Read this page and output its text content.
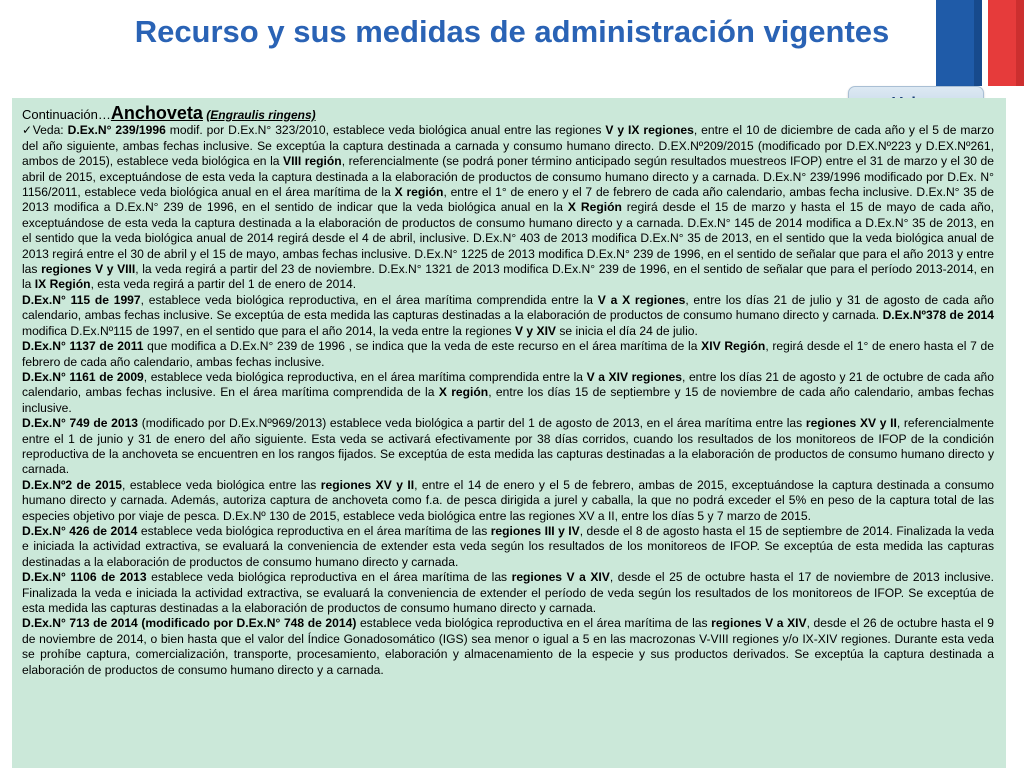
Recurso y sus medidas de administración vigentes

Continuación…Anchoveta (Engraulis ringens)

✓Veda: D.Ex.N° 239/1996 modif. por D.Ex.N° 323/2010, establece veda biológica anual entre las regiones V y IX regiones, entre el 10 de diciembre de cada año y el 5 de marzo del año siguiente, ambas fechas inclusive. Se exceptúa la captura destinada a carnada y consumo humano directo. D.EX.Nº209/2015 (modificado por D.EX.Nº223 y D.EX.Nº261, ambos de 2015), establece veda biológica en la VIII región, referencialmente (se podrá poner término anticipado según resultados muestreos IFOP) entre el 31 de marzo y el 30 de abril de 2015, exceptuándose de esta veda la captura destinada a la elaboración de productos de consumo humano directo y a carnada. D.Ex.N° 239/1996 modificado por D.Ex. N° 1156/2011, establece veda biológica anual en el área marítima de la X región, entre el 1° de enero y el 7 de febrero de cada año calendario, ambas fecha inclusive. D.Ex.N° 35 de 2013 modifica a D.Ex.N° 239 de 1996, en el sentido de indicar que la veda biológica anual en la X Región regirá desde el 15 de marzo y hasta el 15 de mayo de cada año, exceptuándose de esta veda la captura destinada a la elaboración de productos de consumo humano directo y a carnada. D.Ex.N° 145 de 2014 modifica a D.Ex.N° 35 de 2013, en el sentido que la veda biológica anual de 2014 regirá desde el 4 de abril, inclusive. D.Ex.N° 403 de 2013 modifica D.Ex.N° 35 de 2013, en el sentido que la veda biológica anual de 2013 regirá entre el 30 de abril y el 15 de mayo, ambas fechas inclusive. D.Ex.N° 1225 de 2013 modifica D.Ex.N° 239 de 1996, en el sentido de señalar que para el año 2013 y entre las regiones V y VIII, la veda regirá a partir del 23 de noviembre. D.Ex.N° 1321 de 2013 modifica D.Ex.N° 239 de 1996, en el sentido de señalar que para el período 2013-2014, en la IX Región, esta veda regirá a partir del 1 de enero de 2014.

D.Ex.N° 115 de 1997, establece veda biológica reproductiva, en el área marítima comprendida entre la V a X regiones, entre los días 21 de julio y 31 de agosto de cada año calendario, ambas fechas inclusive. Se exceptúa de esta medida las capturas destinadas a la elaboración de productos de consumo humano directo y carnada. D.Ex.Nº378 de 2014 modifica D.Ex.Nº115 de 1997, en el sentido que para el año 2014, la veda entre la regiones V y XIV se inicia el día 24 de julio.

D.Ex.N° 1137 de 2011 que modifica a D.Ex.N° 239 de 1996 , se indica que la veda de este recurso en el área marítima de la XIV Región, regirá desde el 1° de enero hasta el 7 de febrero de cada año calendario, ambas fechas inclusive.

D.Ex.N° 1161 de 2009, establece veda biológica reproductiva, en el área marítima comprendida entre la V a XIV regiones, entre los días 21 de agosto y 21 de octubre de cada año calendario, ambas fechas inclusive. En el área marítima comprendida de la X región, entre los días 15 de septiembre y 15 de noviembre de cada año calendario, ambas fechas inclusive.

D.Ex.N° 749 de 2013 (modificado por D.Ex.Nº969/2013) establece veda biológica a partir del 1 de agosto de 2013, en el área marítima entre las regiones XV y II, referencialmente entre el 1 de junio y 31 de enero del año siguiente. Esta veda se activará efectivamente por 38 días corridos, cuando los resultados de los monitoreos de IFOP de la condición reproductiva de la anchoveta se encuentren en los rangos fijados. Se exceptúa de esta medida las capturas destinadas a la elaboración de productos de consumo humano directo y carnada.

D.Ex.Nº2 de 2015, establece veda biológica entre las regiones XV y II, entre el 14 de enero y el 5 de febrero, ambas de 2015, exceptuándose la captura destinada a consumo humano directo y carnada. Además, autoriza captura de anchoveta como f.a. de pesca dirigida a jurel y caballa, la que no podrá exceder el 5% en peso de la captura total de las especies objetivo por viaje de pesca. D.Ex.Nº 130 de 2015, establece veda biológica entre las regiones XV a II, entre los días 5 y 7 marzo de 2015.

D.Ex.N° 426 de 2014 establece veda biológica reproductiva en el área marítima de las regiones III y IV, desde el 8 de agosto hasta el 15 de septiembre de 2014. Finalizada la veda e iniciada la actividad extractiva, se evaluará la conveniencia de extender esta veda según los resultados de los monitoreos de IFOP. Se exceptúa de esta medida las capturas destinadas a la elaboración de productos de consumo humano directo y carnada.

D.Ex.N° 1106 de 2013 establece veda biológica reproductiva en el área marítima de las regiones V a XIV, desde el 25 de octubre hasta el 17 de noviembre de 2013 inclusive. Finalizada la veda e iniciada la actividad extractiva, se evaluará la conveniencia de extender el período de veda según los resultados de los monitoreos de IFOP. Se exceptúa de esta medida las capturas destinadas a la elaboración de productos de consumo humano directo y carnada.

D.Ex.N° 713 de 2014 (modificado por D.Ex.N° 748 de 2014) establece veda biológica reproductiva en el área marítima de las regiones V a XIV, desde el 26 de octubre hasta el 9 de noviembre de 2014, o bien hasta que el valor del Índice Gonadosomático (IGS) sea menor o igual a 5 en las macrozonas V-VIII regiones y/o IX-XIV regiones. Durante esta veda se prohíbe captura, comercialización, transporte, procesamiento, elaboración y almacenamiento de la especie y sus productos derivados. Se exceptúa la captura destinada a elaboración de productos de consumo humano directo y a carnada.
